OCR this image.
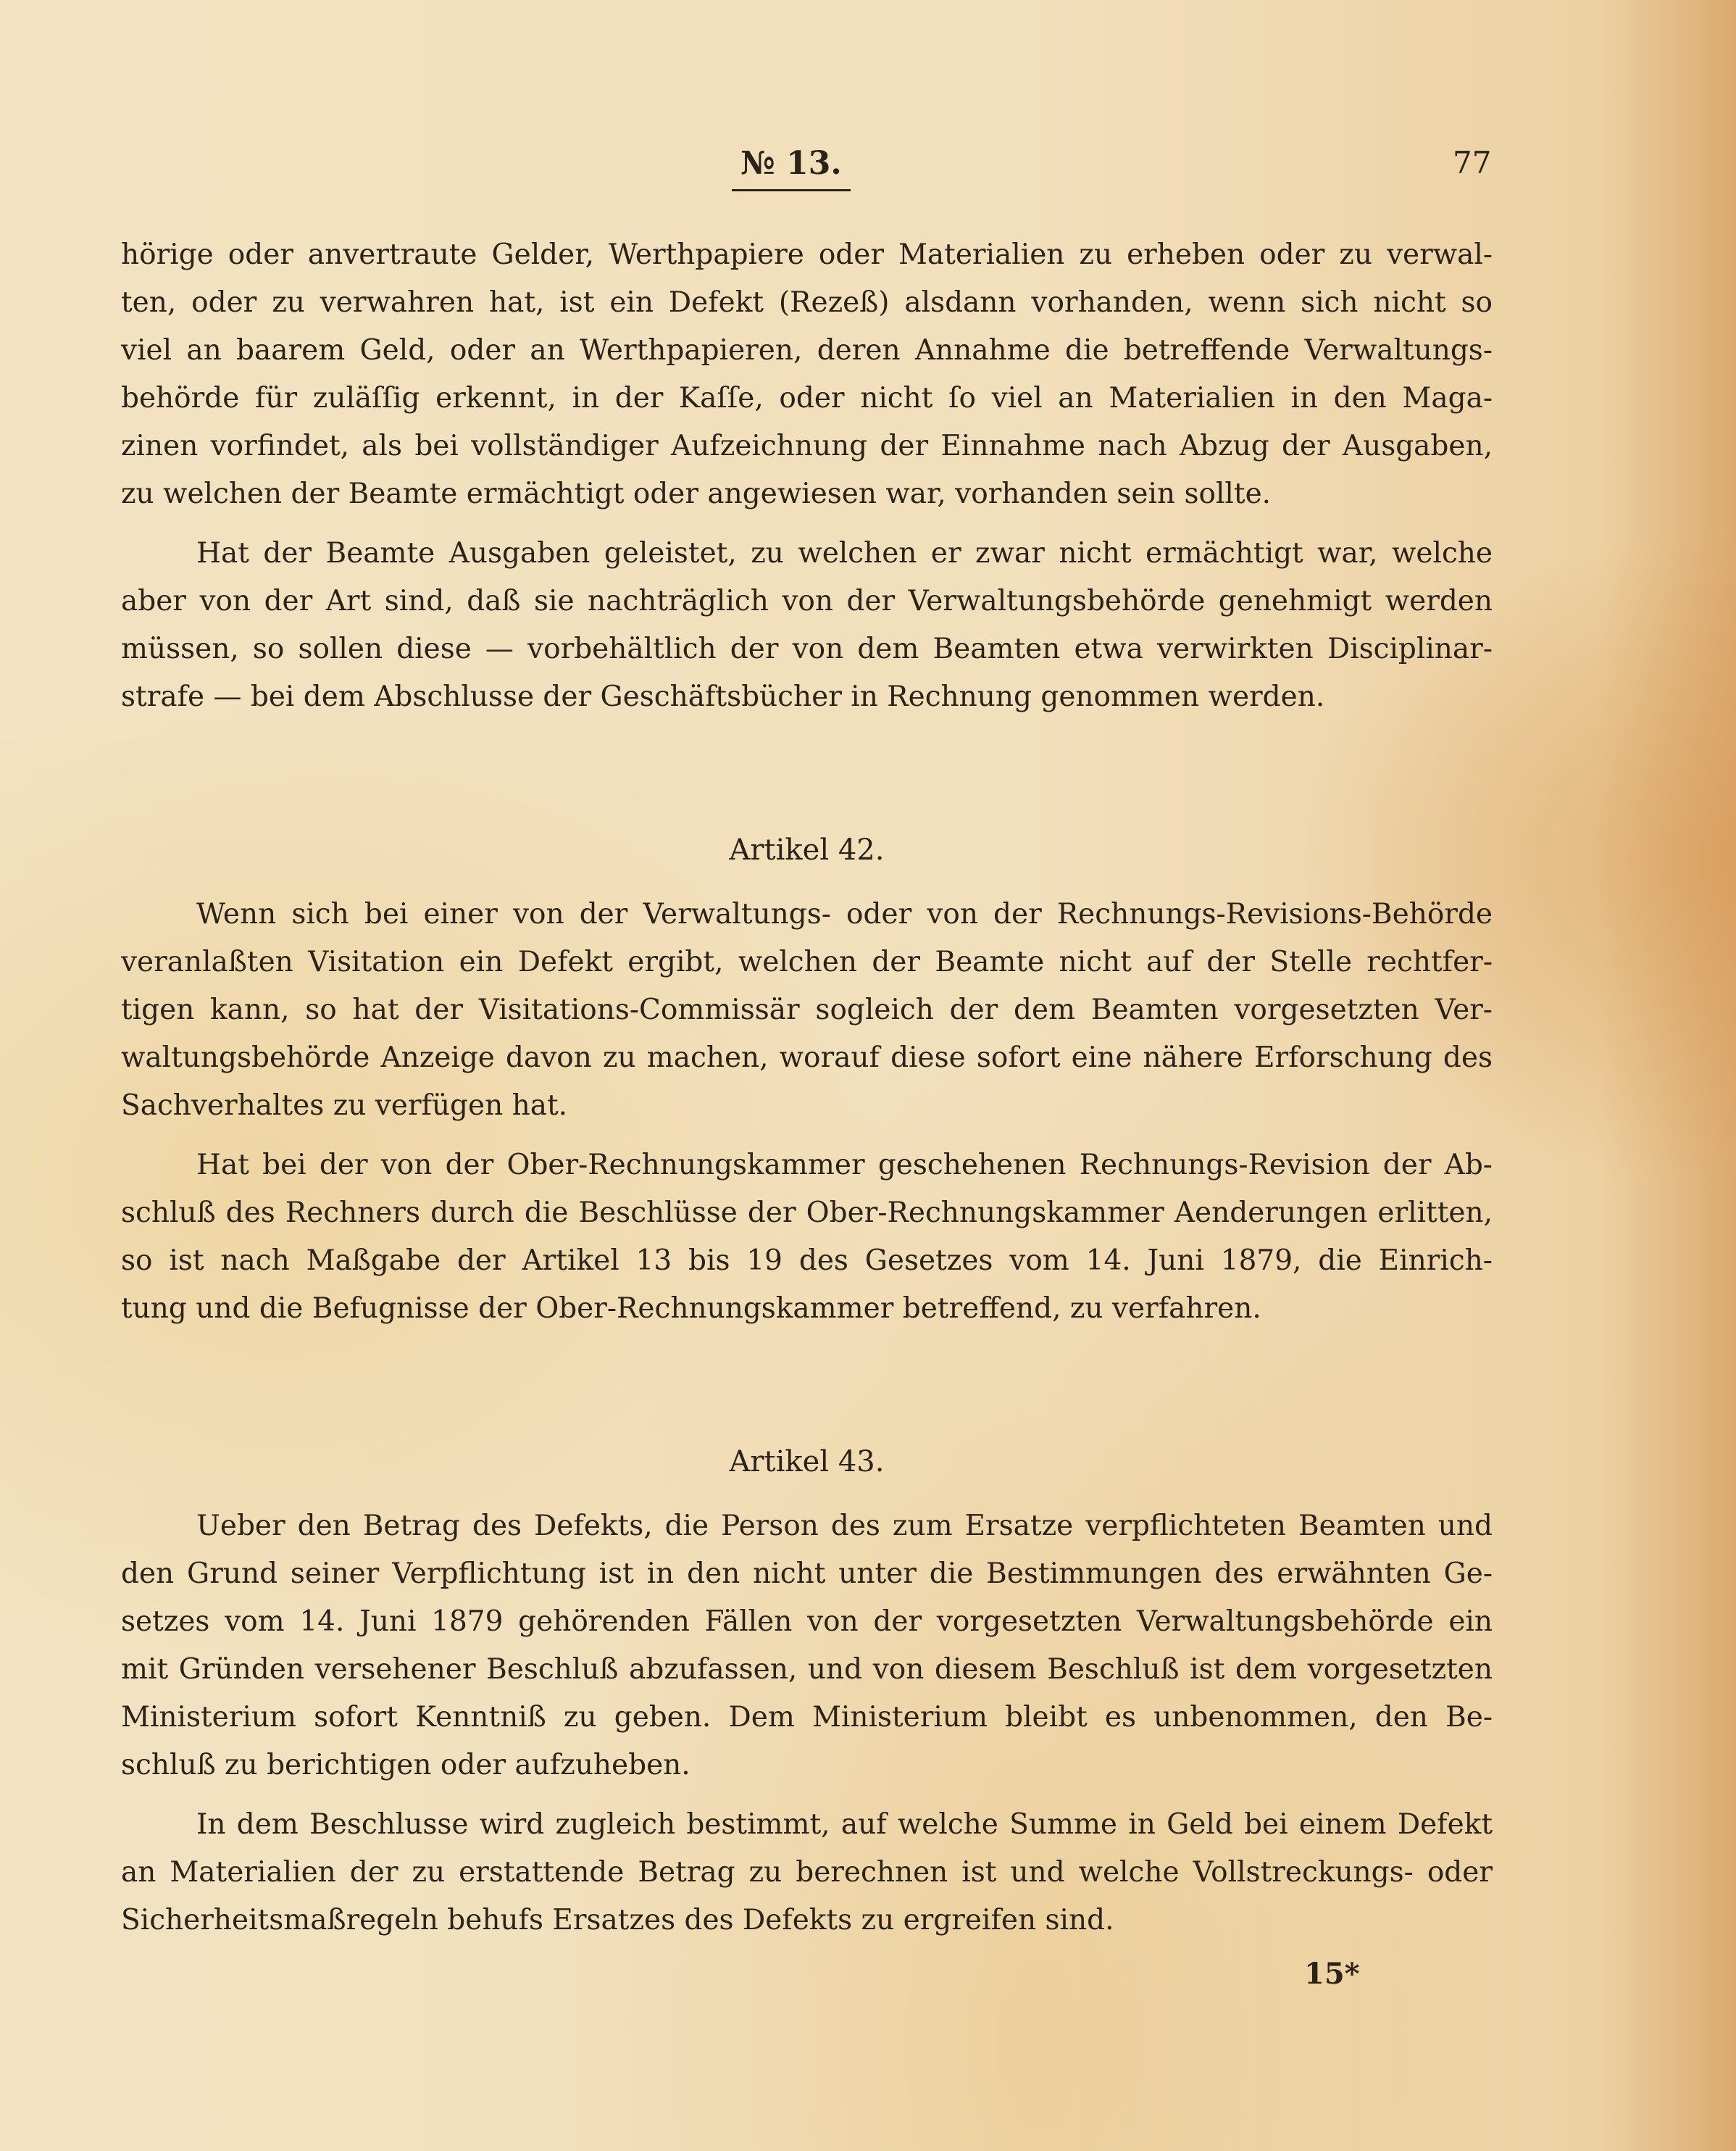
№ 13.	77
hörige oder anvertraute Gelder, Werthpapiere oder Materialien zu erheben oder zu verwal-
ten, oder zu verwahren hat, ist ein Defekt (Rezeß) alsdann vorhanden, wenn sich nicht so
viel an baarem Geld, oder an Werthpapieren, deren Annahme die betreffende Verwaltungs-
behörde für zuläſſig erkennt, in der Kaſſe, oder nicht ſo viel an Materialien in den Maga-
zinen vorfindet, als bei vollständiger Aufzeichnung der Einnahme nach Abzug der Ausgaben,
zu welchen der Beamte ermächtigt oder angewiesen war, vorhanden sein sollte.
Hat der Beamte Ausgaben geleistet, zu welchen er zwar nicht ermächtigt war, welche
aber von der Art sind, daß sie nachträglich von der Verwaltungsbehörde genehmigt werden
müssen, so sollen diese — vorbehältlich der von dem Beamten etwa verwirkten Disciplinar-
strafe — bei dem Abschlusse der Geschäftsbücher in Rechnung genommen werden.
Artikel 42.
Wenn sich bei einer von der Verwaltungs- oder von der Rechnungs-Revisions-Behörde
veranlaßten Visitation ein Defekt ergibt, welchen der Beamte nicht auf der Stelle rechtfer-
tigen kann, so hat der Visitations-Commissär sogleich der dem Beamten vorgesetzten Ver-
waltungsbehörde Anzeige davon zu machen, worauf diese sofort eine nähere Erforschung des
Sachverhaltes zu verfügen hat.
Hat bei der von der Ober-Rechnungskammer geschehenen Rechnungs-Revision der Ab-
schluß des Rechners durch die Beschlüsse der Ober-Rechnungskammer Aenderungen erlitten,
so ist nach Maßgabe der Artikel 13 bis 19 des Gesetzes vom 14. Juni 1879, die Einrich-
tung und die Befugnisse der Ober-Rechnungskammer betreffend, zu verfahren.
Artikel 43.
Ueber den Betrag des Defekts, die Person des zum Ersatze verpflichteten Beamten und
den Grund seiner Verpflichtung ist in den nicht unter die Bestimmungen des erwähnten Ge-
setzes vom 14. Juni 1879 gehörenden Fällen von der vorgesetzten Verwaltungsbehörde ein
mit Gründen versehener Beschluß abzufassen, und von diesem Beschluß ist dem vorgesetzten
Ministerium sofort Kenntniß zu geben. Dem Ministerium bleibt es unbenommen, den Be-
schluß zu berichtigen oder aufzuheben.
In dem Beschlusse wird zugleich bestimmt, auf welche Summe in Geld bei einem Defekt
an Materialien der zu erstattende Betrag zu berechnen ist und welche Vollstreckungs- oder
Sicherheitsmaßregeln behufs Ersatzes des Defekts zu ergreifen sind.
15*
